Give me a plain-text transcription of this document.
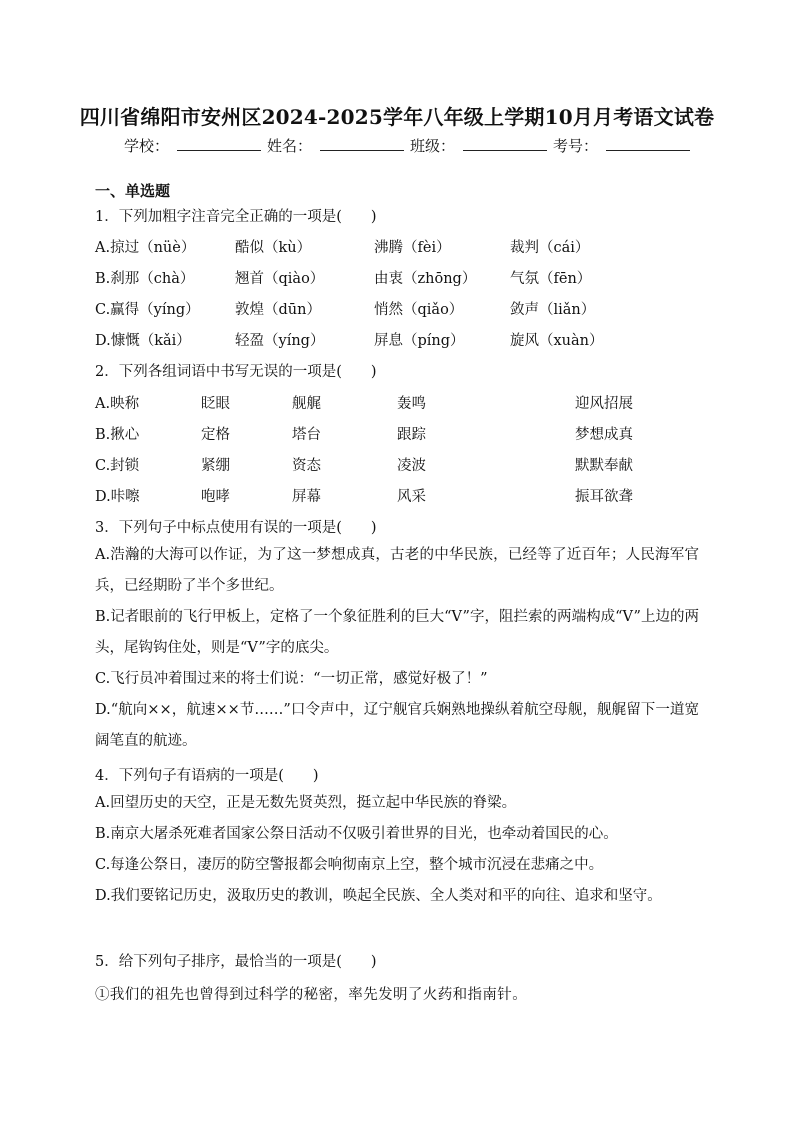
四川省绵阳市安州区2024-2025学年八年级上学期10月月考语文试卷
学校：	姓名：	班级：	考号：
一、单选题
1．下列加粗字注音完全正确的一项是(　　)
A.掠过（nüè）	酷似（kù）	沸腾（fèi）	裁判（cái）
B.刹那（chà）	翘首（qiào）	由衷（zhōng） 气氛（fēn）
C.赢得（yíng） 敦煌（dūn）	悄然（qiǎo）	敛声（liǎn）
D.慷慨（kǎi）	轻盈（yíng）	屏息（píng）	旋风（xuàn）
2．下列各组词语中书写无误的一项是(　　)
A.映称	眨眼	舰艉	轰鸣	迎风招展
B.揪心	定格	塔台	跟踪	梦想成真
C.封锁	紧绷	资态	凌波	默默奉献
D.咔嚓	咆哮	屏幕	风采	振耳欲聋
3．下列句子中标点使用有误的一项是(　　)

A.浩瀚的大海可以作证，为了这一梦想成真，古老的中华民族，已经等了近百年；人民海军官兵，已经期盼了半个多世纪。

B.记者眼前的飞行甲板上，定格了一个象征胜利的巨大“V”字，阻拦索的两端构成“V”上边的两头，尾钩钩住处，则是“V”字的底尖。

C.飞行员冲着围过来的将士们说：“一切正常，感觉好极了！”

D.“航向××，航速××节……”口令声中，辽宁舰官兵娴熟地操纵着航空母舰，舰艉留下一道宽阔笔直的航迹。

4．下列句子有语病的一项是(　　)

A.回望历史的天空，正是无数先贤英烈，挺立起中华民族的脊梁。

B.南京大屠杀死难者国家公祭日活动不仅吸引着世界的目光，也牵动着国民的心。

C.每逢公祭日，凄厉的防空警报都会响彻南京上空，整个城市沉浸在悲痛之中。

D.我们要铭记历史，汲取历史的教训，唤起全民族、全人类对和平的向往、追求和坚守。

5．给下列句子排序，最恰当的一项是(　　)
①我们的祖先也曾得到过科学的秘密，率先发明了火药和指南针。
